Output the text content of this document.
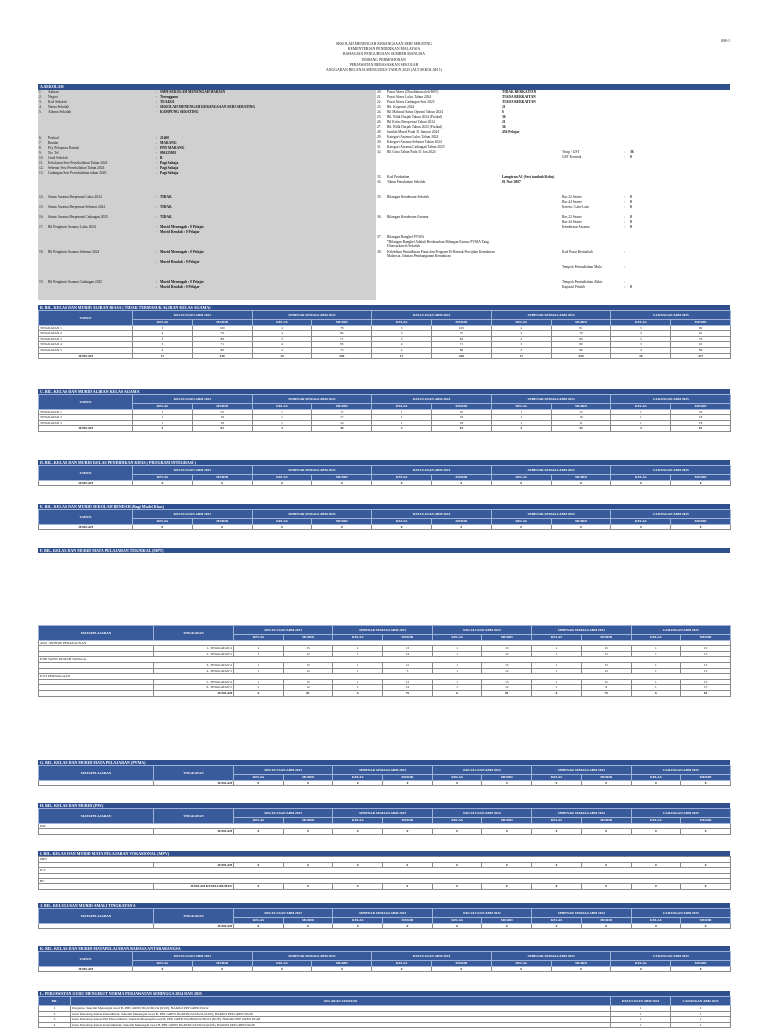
SM-1
SEKOLAH MENENGAH KEBANGSAAN SERI SERATING
KEMENTERIAN PENDIDIKAN MALAYSIA
BAHAGIAN PENGURUSAN SUMBER MANUSIA
BORANG PERMOHONAN
PERJAWATAN BERASASKAN SEKOLAH
ANGGARAN BELANJA MENGURUS TAHUN 2025 (ALT SEKOLAH 1)
A.SEKOLAH
1. Aaliran	: SMH-SEKOLAH MENENGAH HARIAN
2. Negeri	: Terengganu
3. Kod Sekolah	: TEA4021
4. Nama Sekolah	: SEKOLAH MENENGAH KEBANGSAAN SERI SERATING
5. Alamat Sekolah	: KAMPUNG SERATING
6. Poskod	: 21400
7. Bandar	: MARANG
8. Pej. Pelajaran Daerah	: PPD MARANG
9. No. Tel	: 096125092
10. Gred Sekolah	: B
11. Kelulusan Sesi Persekolahan Tahun 2024	: Pagi Sahaja
12. Sebenar Sesi Persekolahan Tahun 2024	: Pagi Sahaja
13. Cadangan Sesi Persekolahan tahun 2025	: Pagi Sahaja
14. Status Asrama Berpenuni Lulus 2024	: TIDAK
15. Status Asrama Berpenuni Sebenar 2024	: TIDAK
16. Status Asrama Berpenuni Cadangan 2025	: TIDAK
17. Bil Penghuni Asrama Lulus 2024	: Murid Menengah : 0 Pelajar
: Murid Rendah : 0 Pelajar
18. Bil Penghuni Asrama Sebenar 2024	: Murid Menengah : 0 Pelajar
: Murid Rendah : 0 Pelajar
19. Bil Penghuni Asrama Cadangan 2025	: Murid Menengah : 0 Pelajar
: Murid Rendah : 0 Pelajar
20. Pusat Akses (Disediakan oleh BST)	TIDAK BERKAITAN
21. Pusat Akses Lulus Tahun 2024	TIADA BERKAITAN
22. Pusat Akses Cadangan Sesi 2025	TIADA BERKAITAN
23. Bil. Koperasi 2024	21
24. Bil Mahasal Sains Optomi Tahun 2024	6
25. Bil. Bilik Darjah Tahun 2024 (Fizikal)	36
26. Bil Kelas Beroperasi Tahun 2024	21
27. Bil. Bilik Darjah Tahun 2025 (Fizikal)	36
28. Jumlah Murid Pada 31 Januari 2024	456 Pelajar
29. Kategori Asrama Lulus Tahun 2024
30. Kategori Asrama Sebenar Tahun 2024
31. Kategori Asrama Cadangan Tahun 2025
32. Bil Guru Tahun Pada 31 Jan 2024	Tetap / GST	: 36
GST Kontrak	: 0
33. Kod Perubahan	Lampiran A1 (Seri tambah Kelas)
34. Tahun Penubuhan Sekolah	01 Nov 2007
35. Bilangan Kenderaan Sekolah	Bas 22 Seater	: 0
Bas 44 Seater	: 0
Kereta / Lain-Lain	: 0
36. Bilangan Kenderaan Asrama	Bas 22 Seater	: 0
Bas 44 Seater	: 0
Kenderaan Asrama	: 0
37. Bilangan Bangkel PVMA
*Bilangan Bangkel Adalah Berdasarkan Bilangan Kursus PVMA Yang Ditawarkan di Sekolah
38. Kelebihan Pentadbiran Pusat dan Program Ei-Bentuk Persijilan Kemahiran Malaysia, Jabatan Pembangunan Kemahiran
Kod Pusat Bertauliah	:
Tempoh Pentauliahan Mula	:
Tempoh Pentauliahan Akhir	:
Kapasiti Pelatih	: 0
B. BIL. KELAS DAN MURID ALIRAN BIASA ( TIDAK TERMASUK ALIRAN KELAS AGAMA)
TAHUN	KELULUSAN ABM 2023		SEBENAR SEMASA ABM 2023		KELULUSAN ABM 2024		SEBENAR SEMASA ABM 2024		CADANGAN ABM 2025	
	KELAS	MURID	KELAS	MURID	KELAS	MURID	KELAS	MURID	KELAS	MURID
TINGKATAN 1	3	100	4	78	3	100	4	81	3	90
TINGKATAN 2	4	79	4	84	3	75	3	76	3	61
TINGKATAN 3	3	88	3	71	3	84	4	80	3	76
TINGKATAN 4	3	71	4	85	4	71	3	80	3	91
TINGKATAN 5	4	86	4	75	4	86	3	80	4	89
JUMLAH	17	416	19	393	17	416	17	355	18	377
C. BIL. KELAS DAN MURID ALIRAN KELAS AGAMA
TAHUN	KELULUSAN ABM 2023		SEBENAR SEMASA ABM 2023		KELULUSAN ABM 2024		SEBENAR SEMASA ABM 2024		CADANGAN ABM 2025	
	KELAS	MURID	KELAS	MURID	KELAS	MURID	KELAS	MURID	KELAS	MURID
TINGKATAN 1	1	25	1	17	1	25	1	15	1	25
TINGKATAN 2	1	18	1	17	1	18	1	16	1	18
TINGKATAN 3	1	18	1	10	1	18	1	11	1	18
JUMLAH	3	61	3	44	3	61	3	42	3	61
D. BIL. KELAS DAN MURID KELAS PENDIDIKAN KHAS ( PROGRAM INTEGRASI )
TAHUN	KELULUSAN ABM 2023		SEBENAR SEMASA ABM 2023		KELULUSAN ABM 2024		SEBENAR SEMASA ABM 2024		CADANGAN ABM 2025	
	KELAS	MURID	KELAS	MURID	KELAS	MURID	KELAS	MURID	KELAS	MURID
JUMLAH	0	0	0	0	0	0	0	0	0	0
E. BIL. KELAS DAN MURID SEKOLAH BENDAH (Bagi Model Khas)
TAHUN	KELULUSAN ABM 2023		SEBENAR SEMASA ABM 2023		KELULUSAN ABM 2024		SEBENAR SEMASA ABM 2024		CADANGAN ABM 2025	
	KELAS	MURID	KELAS	MURID	KELAS	MURID	KELAS	MURID	KELAS	MURID
JUMLAH	0	0	0	0	0	0	0	0	0	0
F. BIL. KELAS DAN MURID MATA PELAJARAN TEKNIKAL (MPT)
MATAPELAJARAN	TINGKATAN	KELULUSAN ABM 2023		SEBENAR SEMASA ABM 2023		KELULUSAN ABM 2024		SEBENAR SEMASA ABM 2024		CADANGAN ABM 2025	
		KELAS	MURID	KELAS	MURID	KELAS	MURID	KELAS	MURID	KELAS	MURID
A001 -PRINSIP PERAKAUNAN											
	1- TINGKATAN 4	1	15	1	13	1	15	1	15	1	15
	2- TINGKATAN 5	1	12	1	14	1	12	1	12	1	15
E300 SAINS RUMAH TANGGA											
	3- TINGKATAN 4	1	15	1	12	1	15	1	13	1	15
	4- TINGKATAN 5	1	12	1	5	1	12	1	12	1	15
E313 PERNIAGAAN											
	5- TINGKATAN 4	1	15	1	13	1	15	1	15	1	15
	6- TINGKATAN 5	1	12	1	14	1	12	1	8	1	15
	JUMLAH	6	81	6	75	6	81	6	75	6	81
G. BIL. KELAS DAN MURID MATA PELAJARAN (PVMA)
MATAPELAJARAN	TINGKATAN	KELULUSAN ABM 2023		SEBENAR SEMASA ABM 2023		KELULUSAN ABM 2024		SEBENAR SEMASA ABM 2024		CADANGAN ABM 2025	
		KELAS	MURID	KELAS	MURID	KELAS	MURID	KELAS	MURID	KELAS	MURID
	JUMLAH	0	0	0	0	0	0	0	0	0	0
H. BIL. KELAS DAN MURID (PAV)
MATAPELAJARAN	TINGKATAN	KELULUSAN ABM 2023		SEBENAR SEMASA ABM 2023		KELULUSAN ABM 2024		SEBENAR SEMASA ABM 2024		CADANGAN ABM 2025	
		KELAS	MURID	KELAS	MURID	KELAS	MURID	KELAS	MURID	KELAS	MURID
PAV											
	JUMLAH	0	0	0	0	0	0	0	0	0	0
I. BIL. KELAS DAN MURID MATA PELAJARAN VOKASIONAL (MPV)
MPV											
	JUMLAH	0	0	0	0	0	0	0	0	0	0
ICT											

BC											
	JUMLAH KESELURUHAN	0	0	0	0	0	0	0	0	0	0
J. BIL. KELULUSAN MURID AMALI TINGKATAN 6
MATAPELAJARAN	TINGKATAN	KELULUSAN ABM 2023		SEBENAR SEMASA ABM 2023		KELULUSAN ABM 2024		SEBENAR SEMASA ABM 2024		CADANGAN ABM 2025	
		KELAS	MURID	KELAS	MURID	KELAS	MURID	KELAS	MURID	KELAS	MURID
	JUMLAH	0	0	0	0	0	0	0	0	0	0
K. BIL. KELAS DAN MURID MATAPELAJARAN BAHASA ANTARABANGSA
TAHUN	KELULUSAN ABM 2023		SEBENAR SEMASA ABM 2023		KELULUSAN ABM 2024		SEBENAR SEMASA ABM 2024		CADANGAN ABM 2025	
	KELAS	MURID	KELAS	MURID	KELAS	MURID	KELAS	MURID	KELAS	MURID
JUMLAH	0	0	0	0	0	0	0	0	0	0
L. PERJAWATAN GURU MENGIKUT NORMA PERJAWATAN SEHINGGA 2024 DAN 2025
BIL	GELARAN JAWATAN	KELULUSAN ABM 2024	CADANGAN ABM 2025
1	Pengetua, Sekolah Menengah Gred B, PPP, GRED DG52/DG54 (KUP), HAKIKI PPP GRED DG52	1	1
2	Guru Penolong Kanan Pentadbiran, Sekolah Menengah Gred B, PPP, GRED DG48/DG52/DG54 (KUP), HAKIKI PPP GRED DG48	1	1
3	Guru Penolong Kanan Hal Ehwal Murid, Sekolah Menengah Gred B, PPP, GRED DG48/DG52/DG54 (KUP), HAKIKI PPP GRED DG48	1	1
4	Guru Penolong Kanan Kokurikulum, Sekolah Menengah Gred B, PPP, GRED DG48/DG52/DG54 (KUP), HAKIKI PPP GRED DG48	1	1
